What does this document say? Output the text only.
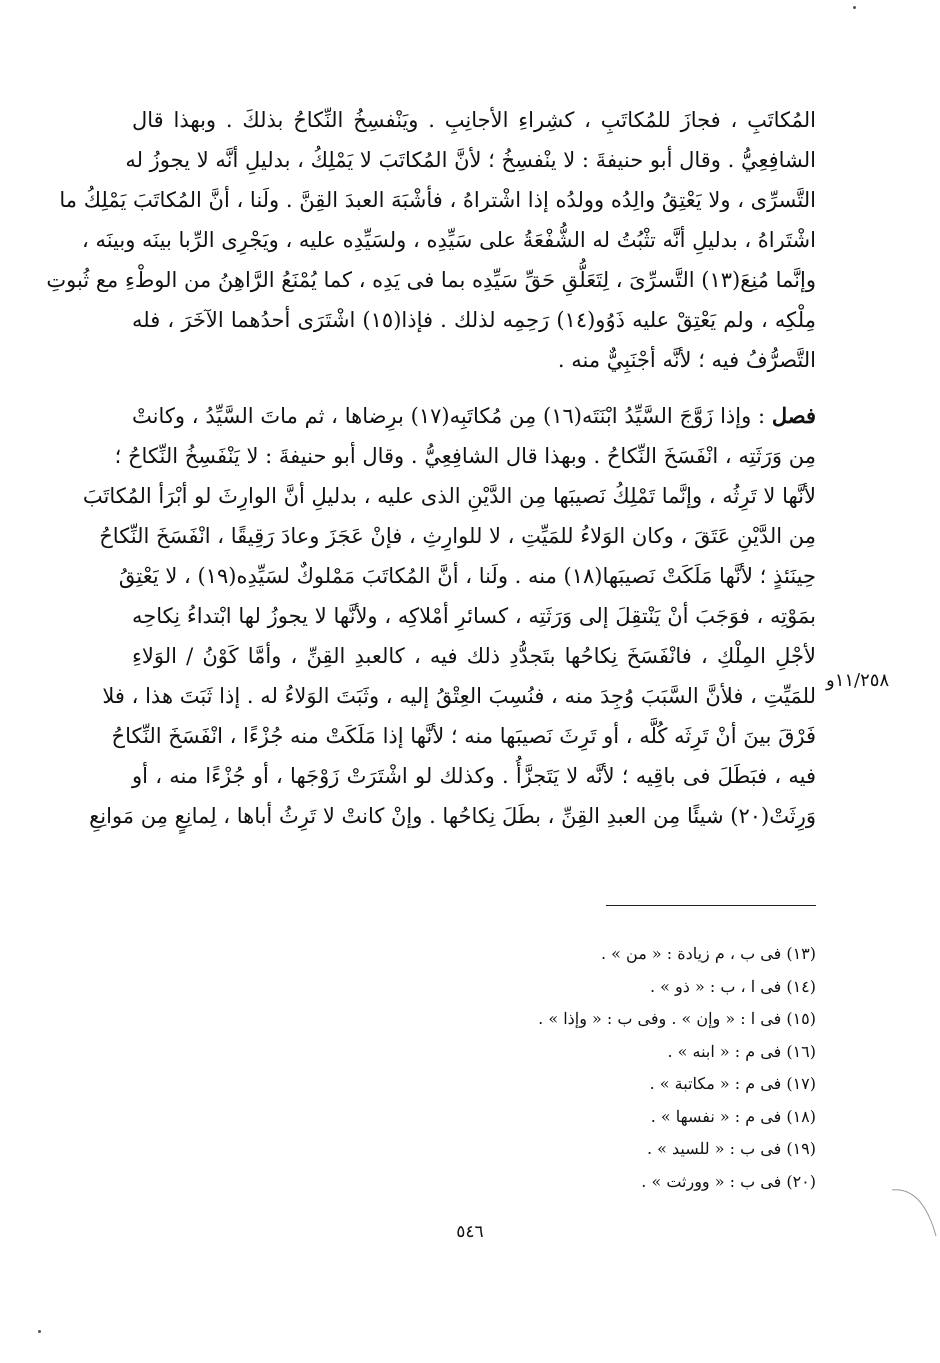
المُكاتَبِ ، فجازَ للمُكاتَبِ ، كشِراءِ الأجانِبِ . ويَنْفسِخُ النِّكاحُ بذلكَ . وبهذا قال
الشافِعِيُّ . وقال أبو حنيفةَ : لا ينْفسِخُ ؛ لأنَّ المُكاتَبَ لا يَمْلِكُ ، بدليلِ أنَّه لا يجوزُ له
التَّسرِّى ، ولا يَعْتِقُ والِدُه وولدُه إذا اشْتراهُ ، فأشْبَهَ العبدَ القِنَّ . ولَنا ، أنَّ المُكاتَبَ يَمْلِكُ ما
اشْتَراهُ ، بدليلِ أنَّه تثْبُتُ له الشُّفْعَةُ على سَيِّدِه ، ولسَيِّدِه عليه ، ويَجْرِى الرِّبا بينَه وبينَه ،
وإنَّما مُنِعَ(١٣) التَّسرِّىَ ، لِتَعَلُّقِ حَقِّ سَيِّدِه بما فى يَدِه ، كما يُمْنَعُ الرَّاهِنُ من الوطْءِ مع ثُبوتِ
مِلْكِه ، ولم يَعْتِقْ عليه ذَوُو(١٤) رَحِمِه لذلك . فإذا(١٥) اشْتَرَى أحدُهما الآخَرَ ، فله
التَّصرُّفُ فيه ؛ لأنَّه أجْنَبِيٌّ منه .
فصل : وإذا زَوَّجَ السَّيِّدُ ابْنَتَه(١٦) مِن مُكاتَبِه(١٧) برِضاها ، ثم ماتَ السَّيِّدُ ، وكانتْ
مِن وَرَثَتِه ، انْفَسَخَ النِّكاحُ . وبهذا قال الشافِعِيُّ . وقال أبو حنيفةَ : لا يَنْفَسِخُ النِّكاحُ ؛
لأنَّها لا تَرِثُه ، وإنَّما تَمْلِكُ نَصيبَها مِن الدَّيْنِ الذى عليه ، بدليلِ أنَّ الوارِثَ لو أبْرَأ المُكاتَبَ
مِن الدَّيْنِ عَتَقَ ، وكان الوَلاءُ للمَيِّتِ ، لا للوارِثِ ، فإنْ عَجَزَ وعادَ رَقِيقًا ، انْفَسَخَ النِّكاحُ
حِينَئذٍ ؛ لأنَّها مَلَكَتْ نَصيبَها(١٨) منه . ولَنا ، أنَّ المُكاتَبَ مَمْلوكٌ لسَيِّدِه(١٩) ، لا يَعْتِقُ
بمَوْتِه ، فوَجَبَ أنْ يَنْتقِلَ إلى وَرَثَتِه ، كسائرِ أمْلاكِه ، ولأنَّها لا يجوزُ لها ابْتداءُ نِكاحِه
لأجْلِ المِلْكِ ، فانْفَسَخَ نِكاحُها بتَجدُّدِ ذلك فيه ، كالعبدِ القِنِّ ، وأمَّا كَوْنُ / الوَلاءِ
للمَيِّتِ ، فلأنَّ السَّبَبَ وُجِدَ منه ، فنُسِبَ العِتْقُ إليه ، وثَبَتَ الوَلاءُ له . إذا ثَبَتَ هذا ، فلا
فَرْقَ بينَ أنْ تَرِثَه كُلَّه ، أو تَرِثَ نَصيبَها منه ؛ لأنَّها إذا مَلَكَتْ منه جُزْءًا ، انْفَسَخَ النِّكاحُ
فيه ، فبَطَلَ فى باقِيه ؛ لأنَّه لا يَتَجزَّأُ . وكذلك لو اشْتَرَتْ زَوْجَها ، أو جُزْءًا منه ، أو
وَرِثَتْ(٢٠) شيئًا مِن العبدِ القِنِّ ، بطَلَ نِكاحُها . وإنْ كانتْ لا تَرِثُ أباها ، لِمانِعٍ مِن مَوانِعِ
١١/٢٥٨و
(١٣) فى ب ، م زيادة : « من » .
(١٤) فى ا ، ب : « ذو » .
(١٥) فى ا : « وإن » . وفى ب : « وإذا » .
(١٦) فى م : « ابنه » .
(١٧) فى م : « مكاتبة » .
(١٨) فى م : « نفسها » .
(١٩) فى ب : « للسيد » .
(٢٠) فى ب : « وورثت » .
٥٤٦
